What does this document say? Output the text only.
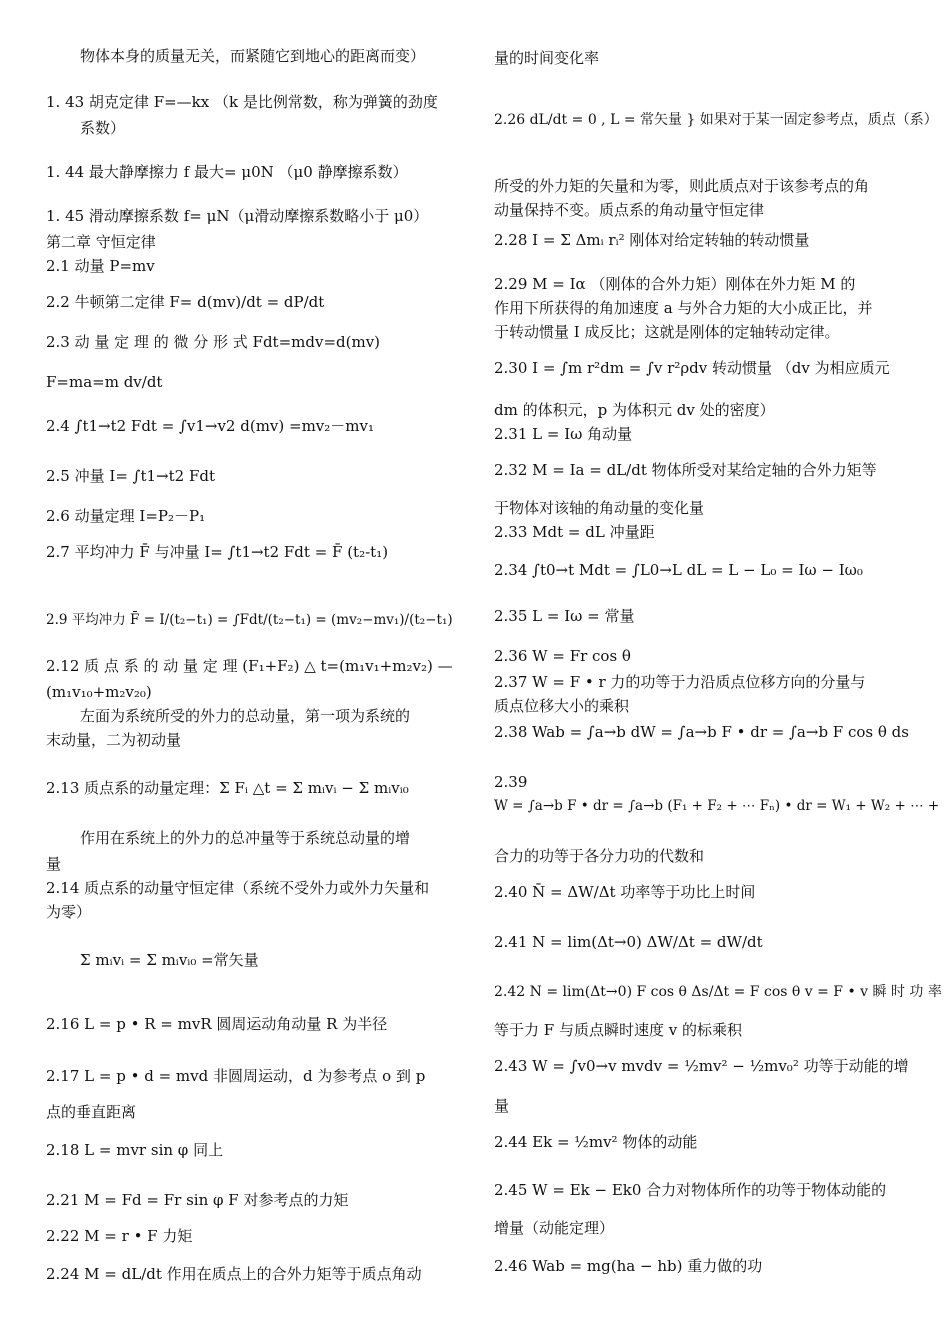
物体本身的质量无关，而紧随它到地心的距离而变）
1. 43 胡克定律 F=—kx （k 是比例常数，称为弹簧的劲度
系数）
1. 44 最大静摩擦力 f 最大= μ0N （μ0 静摩擦系数）
1. 45 滑动摩擦系数 f= μN（μ滑动摩擦系数略小于 μ0）
第二章 守恒定律
2.1 动量 P=mv
2.2 牛顿第二定律 F= d(mv)/dt = dP/dt
2.3 动 量 定 理 的 微 分 形 式 Fdt=mdv=d(mv)
F=ma=m dv/dt
2.4 ∫t1→t2 Fdt = ∫v1→v2 d(mv) =mv₂－mv₁
2.5 冲量 I= ∫t1→t2 Fdt
2.6 动量定理 I=P₂－P₁
2.7 平均冲力 F̄ 与冲量 I= ∫t1→t2 Fdt = F̄ (t₂-t₁)
2.9 平均冲力 F̄ = I/(t₂−t₁) = ∫Fdt/(t₂−t₁) = (mv₂−mv₁)/(t₂−t₁)
2.12 质 点 系 的 动 量 定 理 (F₁+F₂) △ t=(m₁v₁+m₂v₂) —
(m₁v₁₀+m₂v₂₀)
左面为系统所受的外力的总动量，第一项为系统的
末动量，二为初动量
2.13 质点系的动量定理：Σ Fᵢ △t = Σ mᵢvᵢ − Σ mᵢvᵢ₀
作用在系统上的外力的总冲量等于系统总动量的增
量
2.14 质点系的动量守恒定律（系统不受外力或外力矢量和
为零）
Σ mᵢvᵢ = Σ mᵢvᵢ₀ =常矢量
2.16 L = p • R = mvR 圆周运动角动量 R 为半径
2.17 L = p • d = mvd 非圆周运动，d 为参考点 o 到 p
点的垂直距离
2.18 L = mvr sin φ 同上
2.21 M = Fd = Fr sin φ F 对参考点的力矩
2.22 M = r • F 力矩
2.24 M = dL/dt 作用在质点上的合外力矩等于质点角动
量的时间变化率
2.26 dL/dt = 0 , L = 常矢量 } 如果对于某一固定参考点，质点（系）
所受的外力矩的矢量和为零，则此质点对于该参考点的角
动量保持不变。质点系的角动量守恒定律
2.28 I = Σ Δmᵢ rᵢ² 刚体对给定转轴的转动惯量
2.29 M = Iα （刚体的合外力矩）刚体在外力矩 M 的
作用下所获得的角加速度 a 与外合力矩的大小成正比，并
于转动惯量 I 成反比；这就是刚体的定轴转动定律。
2.30 I = ∫m r²dm = ∫v r²ρdv 转动惯量 （dv 为相应质元
dm 的体积元，p 为体积元 dv 处的密度）
2.31 L = Iω 角动量
2.32 M = Ia = dL/dt 物体所受对某给定轴的合外力矩等
于物体对该轴的角动量的变化量
2.33 Mdt = dL 冲量距
2.34 ∫t0→t Mdt = ∫L0→L dL = L − L₀ = Iω − Iω₀
2.35 L = Iω = 常量
2.36 W = Fr cos θ
2.37 W = F • r 力的功等于力沿质点位移方向的分量与
质点位移大小的乘积
2.38 Wab = ∫a→b dW = ∫a→b F • dr = ∫a→b F cos θ ds
2.39
W = ∫a→b F • dr = ∫a→b (F₁ + F₂ + ⋯ Fₙ) • dr = W₁ + W₂ + ⋯ +
合力的功等于各分力功的代数和
2.40 N̄ = ΔW/Δt 功率等于功比上时间
2.41 N = lim(Δt→0) ΔW/Δt = dW/dt
2.42 N = lim(Δt→0) F cos θ Δs/Δt = F cos θ v = F • v 瞬 时 功 率
等于力 F 与质点瞬时速度 v 的标乘积
2.43 W = ∫v0→v mvdv = ½mv² − ½mv₀² 功等于动能的增
量
2.44 Ek = ½mv² 物体的动能
2.45 W = Ek − Ek0 合力对物体所作的功等于物体动能的
增量（动能定理）
2.46 Wab = mg(ha − hb) 重力做的功
